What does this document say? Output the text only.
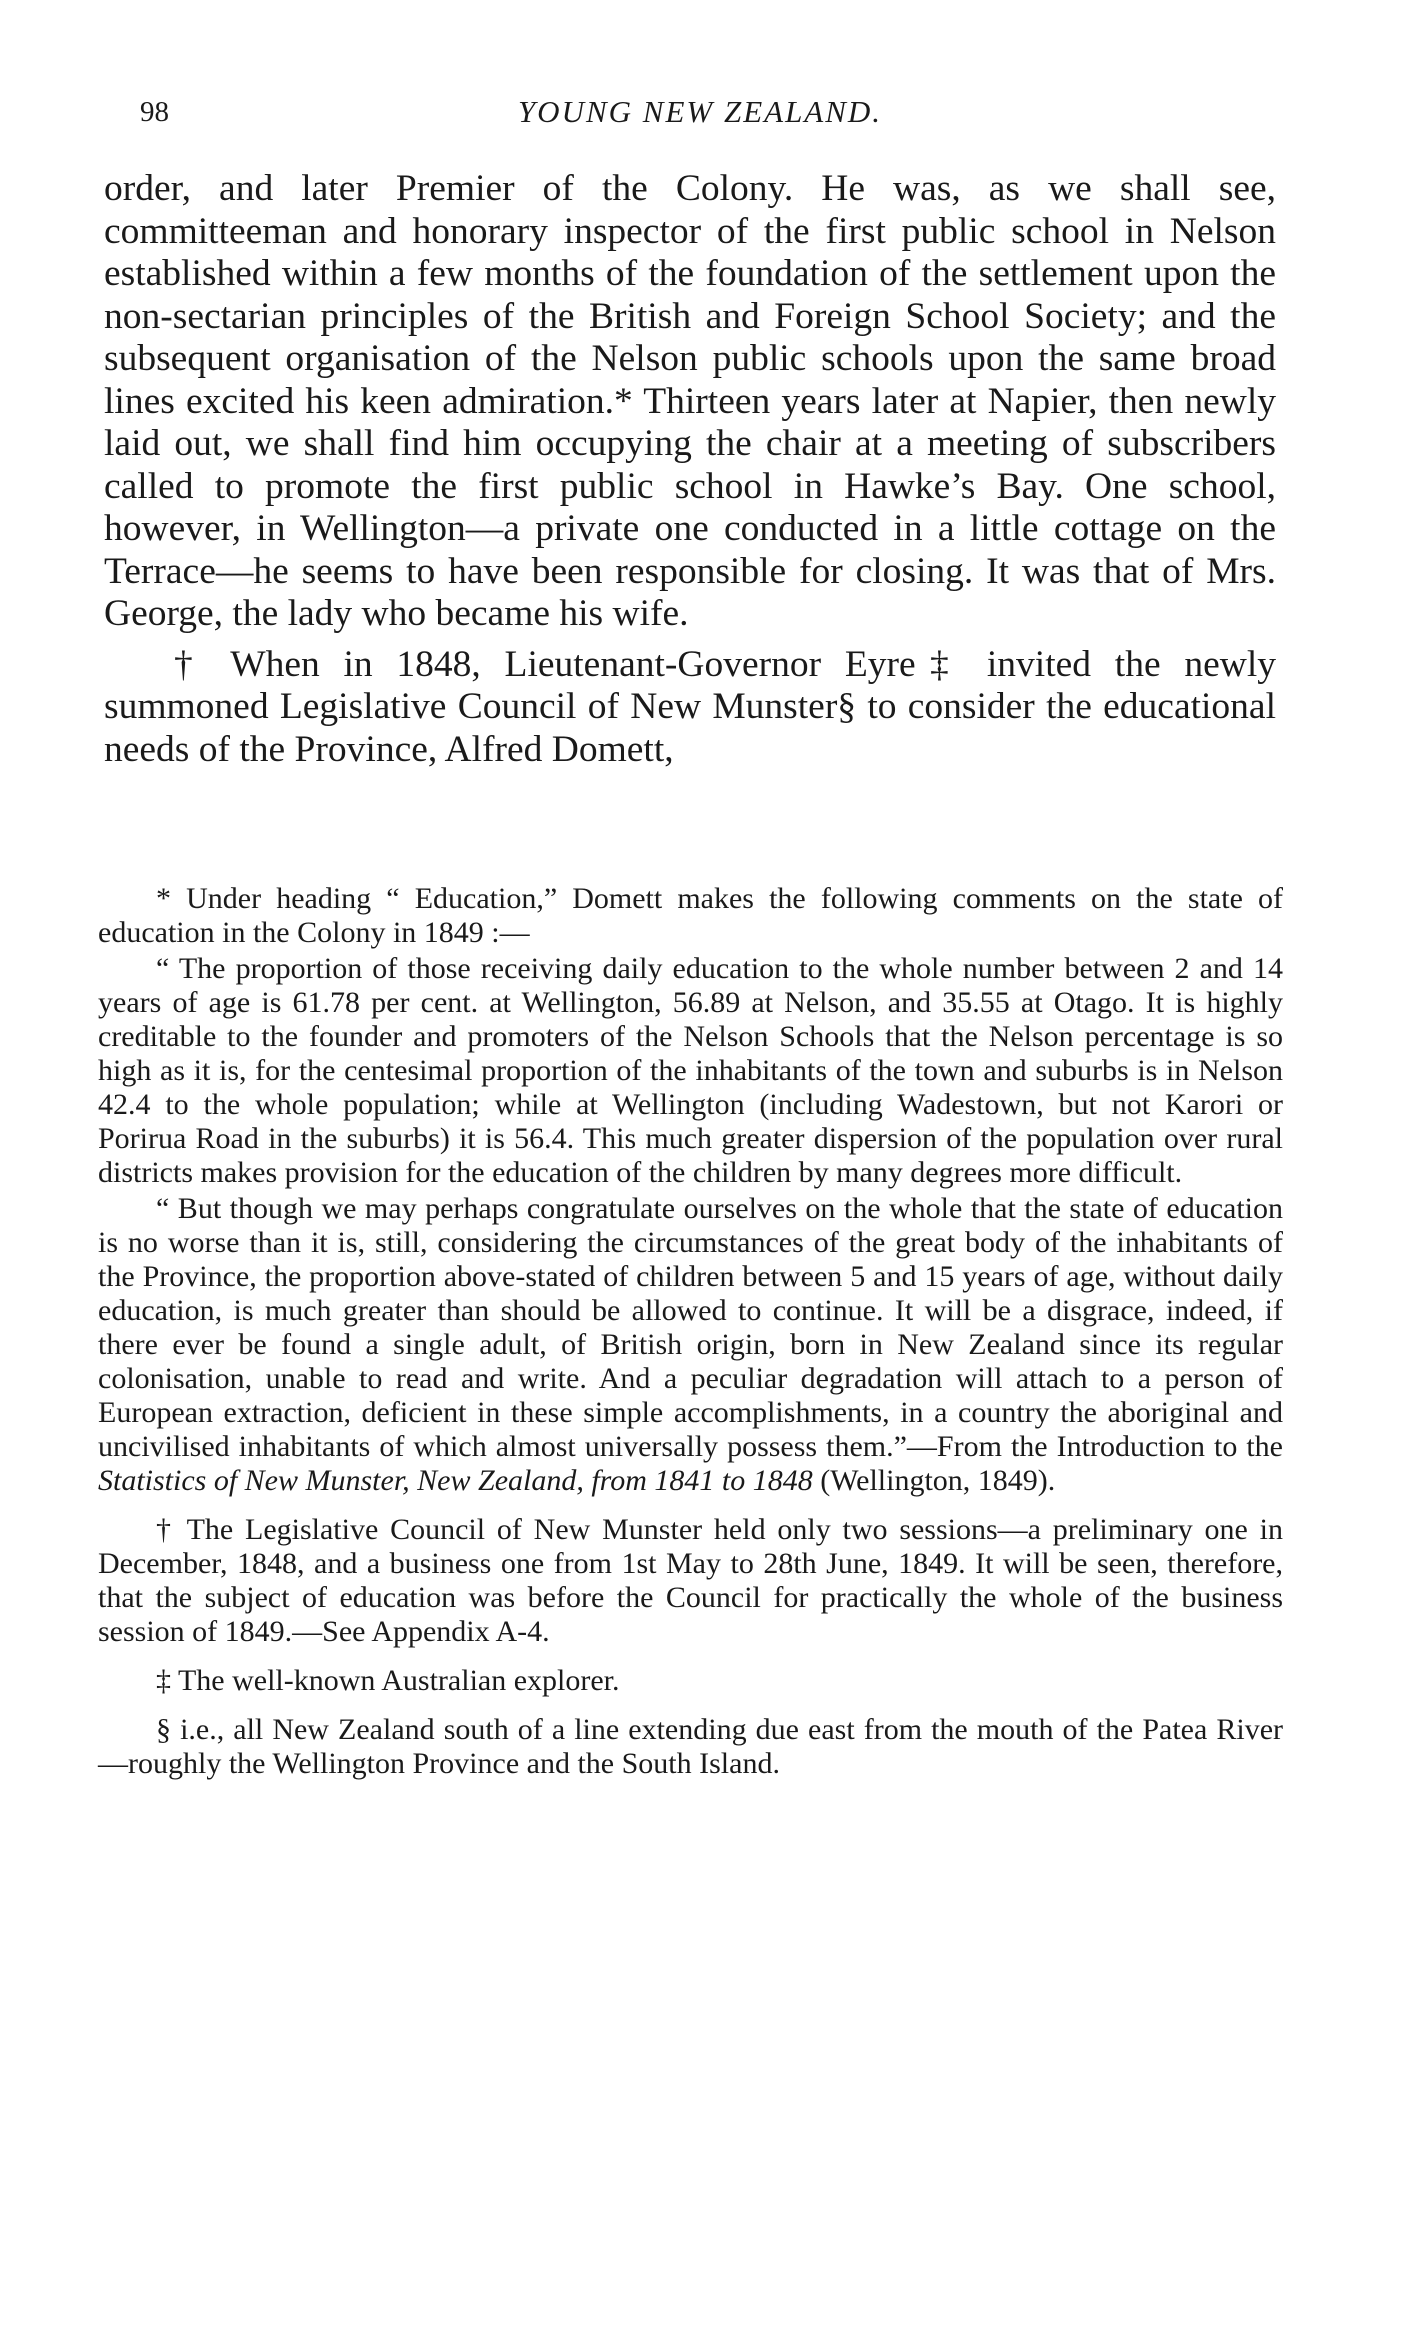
98	YOUNG NEW ZEALAND.

order, and later Premier of the Colony. He was, as we shall see, committeeman and honorary inspector of the first public school in Nelson established within a few months of the foundation of the settlement upon the non-sectarian principles of the British and Foreign School Society; and the subsequent organisation of the Nelson public schools upon the same broad lines excited his keen admiration.* Thirteen years later at Napier, then newly laid out, we shall find him occupying the chair at a meeting of subscribers called to promote the first public school in Hawke’s Bay. One school, however, in Wellington—a private one conducted in a little cottage on the Terrace—he seems to have been responsible for closing. It was that of Mrs. George, the lady who became his wife.

† When in 1848, Lieutenant-Governor Eyre‡ invited the newly summoned Legislative Council of New Munster§ to consider the educational needs of the Province, Alfred Domett,

* Under heading “ Education,” Domett makes the following comments on the state of education in the Colony in 1849 :—

“ The proportion of those receiving daily education to the whole number between 2 and 14 years of age is 61.78 per cent. at Wellington, 56.89 at Nelson, and 35.55 at Otago. It is highly creditable to the founder and promoters of the Nelson Schools that the Nelson percentage is so high as it is, for the centesimal proportion of the inhabitants of the town and suburbs is in Nelson 42.4 to the whole population; while at Wellington (including Wadestown, but not Karori or Porirua Road in the suburbs) it is 56.4. This much greater dispersion of the population over rural districts makes provision for the education of the children by many degrees more difficult.

“ But though we may perhaps congratulate ourselves on the whole that the state of education is no worse than it is, still, considering the circumstances of the great body of the inhabitants of the Province, the proportion above-stated of children between 5 and 15 years of age, without daily education, is much greater than should be allowed to continue. It will be a disgrace, indeed, if there ever be found a single adult, of British origin, born in New Zealand since its regular colonisation, unable to read and write. And a peculiar degradation will attach to a person of European extraction, deficient in these simple accomplishments, in a country the aboriginal and uncivilised inhabitants of which almost universally possess them.”—From the Introduction to the Statistics of New Munster, New Zealand, from 1841 to 1848 (Wellington, 1849).

† The Legislative Council of New Munster held only two sessions—a preliminary one in December, 1848, and a business one from 1st May to 28th June, 1849. It will be seen, therefore, that the subject of education was before the Council for practically the whole of the business session of 1849.—See Appendix A-4.

‡ The well-known Australian explorer.

§ i.e., all New Zealand south of a line extending due east from the mouth of the Patea River—roughly the Wellington Province and the South Island.
